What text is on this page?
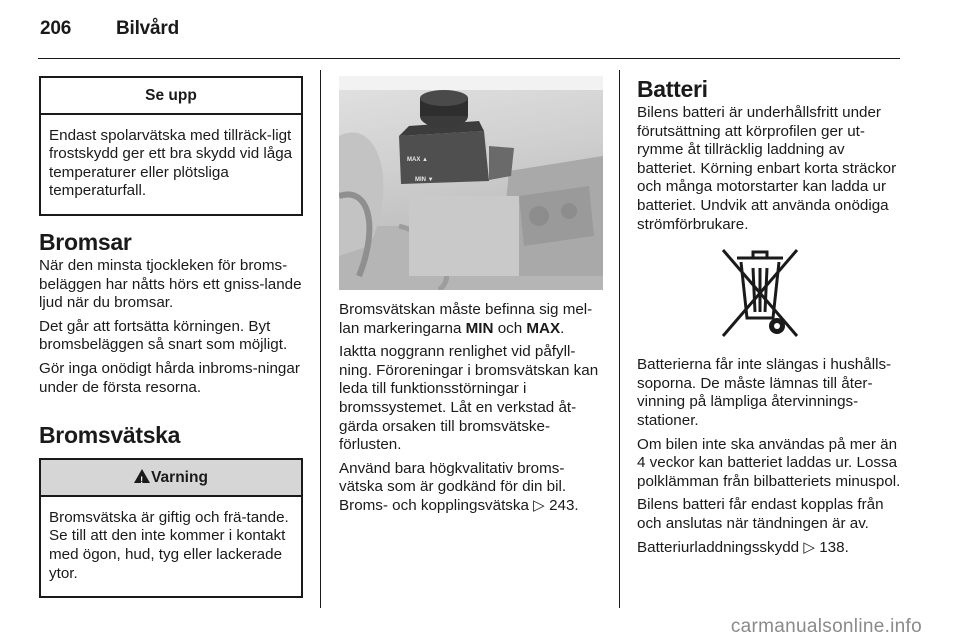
206 Bilvård
Se upp
Endast spolarvätska med tillräck-ligt frostskydd ger ett bra skydd vid låga temperaturer eller plötsliga temperaturfall.
Bromsar

När den minsta tjockleken för broms-beläggen har nåtts hörs ett gniss-lande ljud när du bromsar.

Det går att fortsätta körningen. Byt bromsbeläggen så snart som möjligt.

Gör inga onödigt hårda inbroms-ningar under de första resorna.

Bromsvätska
!Varning
Bromsvätska är giftig och frä-tande. Se till att den inte kommer i kontakt med ögon, hud, tyg eller lackerade ytor.
MAX ▲
MIN ▼

Bromsvätskan måste befinna sig mel-lan markeringarna MIN och MAX.

Iaktta noggrann renlighet vid påfyll-ning. Föroreningar i bromsvätskan kan leda till funktionsstörningar i bromssystemet. Låt en verkstad åt-gärda orsaken till bromsvätske-förlusten.

Använd bara högkvalitativ broms-vätska som är godkänd för din bil. Broms- och kopplingsvätska ▷ 243.

Batteri

Bilens batteri är underhållsfritt under förutsättning att körprofilen ger ut-rymme åt tillräcklig laddning av batteriet. Körning enbart korta sträckor och många motorstarter kan ladda ur batteriet. Undvik att använda onödiga strömförbrukare.

Batterierna får inte slängas i hushålls-soporna. De måste lämnas till åter-vinning på lämpliga återvinnings-stationer.

Om bilen inte ska användas på mer än 4 veckor kan batteriet laddas ur. Lossa polklämman från bilbatteriets minuspol.

Bilens batteri får endast kopplas från och anslutas när tändningen är av.

Batteriurladdningsskydd ▷ 138.

carmanualsonline.info
